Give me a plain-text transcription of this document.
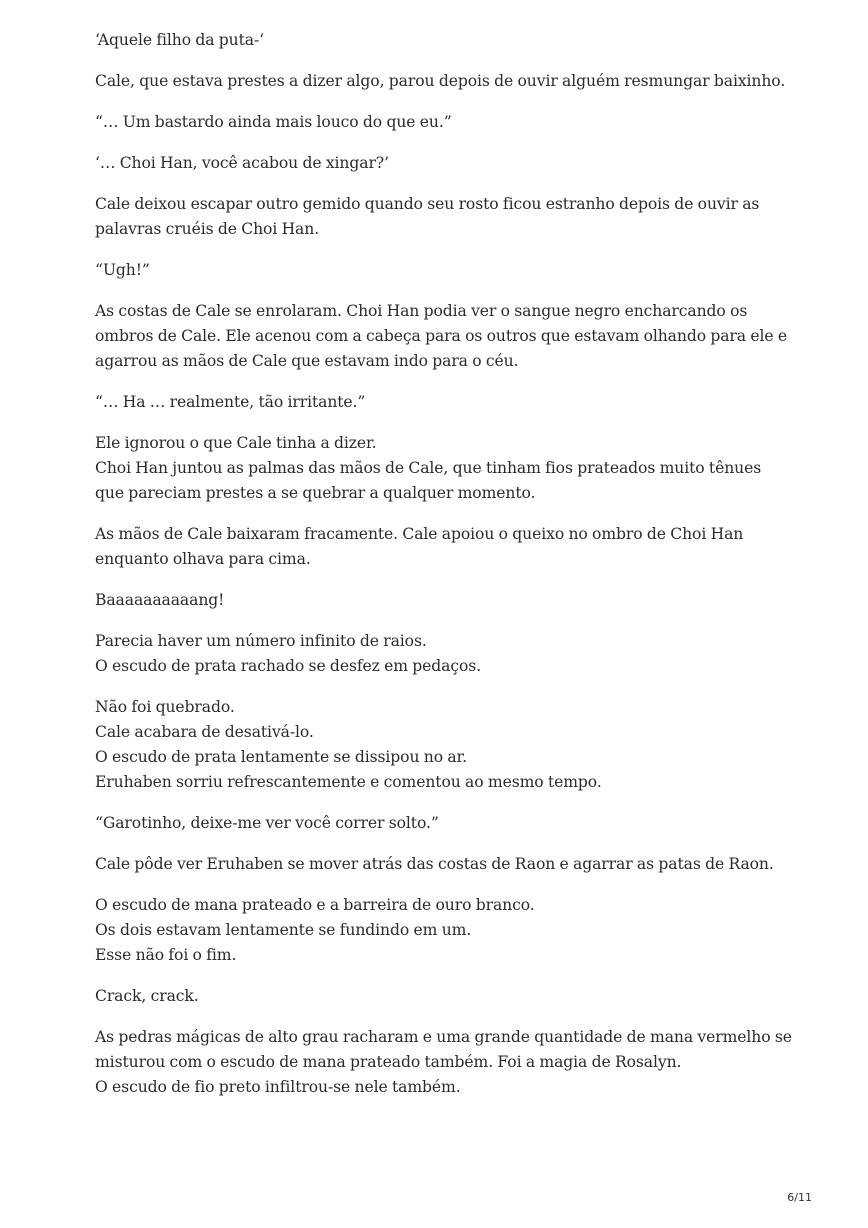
‘Aquele filho da puta-‘

Cale, que estava prestes a dizer algo, parou depois de ouvir alguém resmungar baixinho.

“… Um bastardo ainda mais louco do que eu.”

‘… Choi Han, você acabou de xingar?’

Cale deixou escapar outro gemido quando seu rosto ficou estranho depois de ouvir as
palavras cruéis de Choi Han.

“Ugh!”

As costas de Cale se enrolaram. Choi Han podia ver o sangue negro encharcando os
ombros de Cale. Ele acenou com a cabeça para os outros que estavam olhando para ele e
agarrou as mãos de Cale que estavam indo para o céu.

“… Ha … realmente, tão irritante.”

Ele ignorou o que Cale tinha a dizer.
Choi Han juntou as palmas das mãos de Cale, que tinham fios prateados muito tênues
que pareciam prestes a se quebrar a qualquer momento.

As mãos de Cale baixaram fracamente. Cale apoiou o queixo no ombro de Choi Han
enquanto olhava para cima.

Baaaaaaaaaang!

Parecia haver um número infinito de raios.
O escudo de prata rachado se desfez em pedaços.

Não foi quebrado.
Cale acabara de desativá-lo.
O escudo de prata lentamente se dissipou no ar.
Eruhaben sorriu refrescantemente e comentou ao mesmo tempo.

“Garotinho, deixe-me ver você correr solto.”

Cale pôde ver Eruhaben se mover atrás das costas de Raon e agarrar as patas de Raon.

O escudo de mana prateado e a barreira de ouro branco.
Os dois estavam lentamente se fundindo em um.
Esse não foi o fim.

Crack, crack.

As pedras mágicas de alto grau racharam e uma grande quantidade de mana vermelho se
misturou com o escudo de mana prateado também. Foi a magia de Rosalyn.
O escudo de fio preto infiltrou-se nele também.

6/11
